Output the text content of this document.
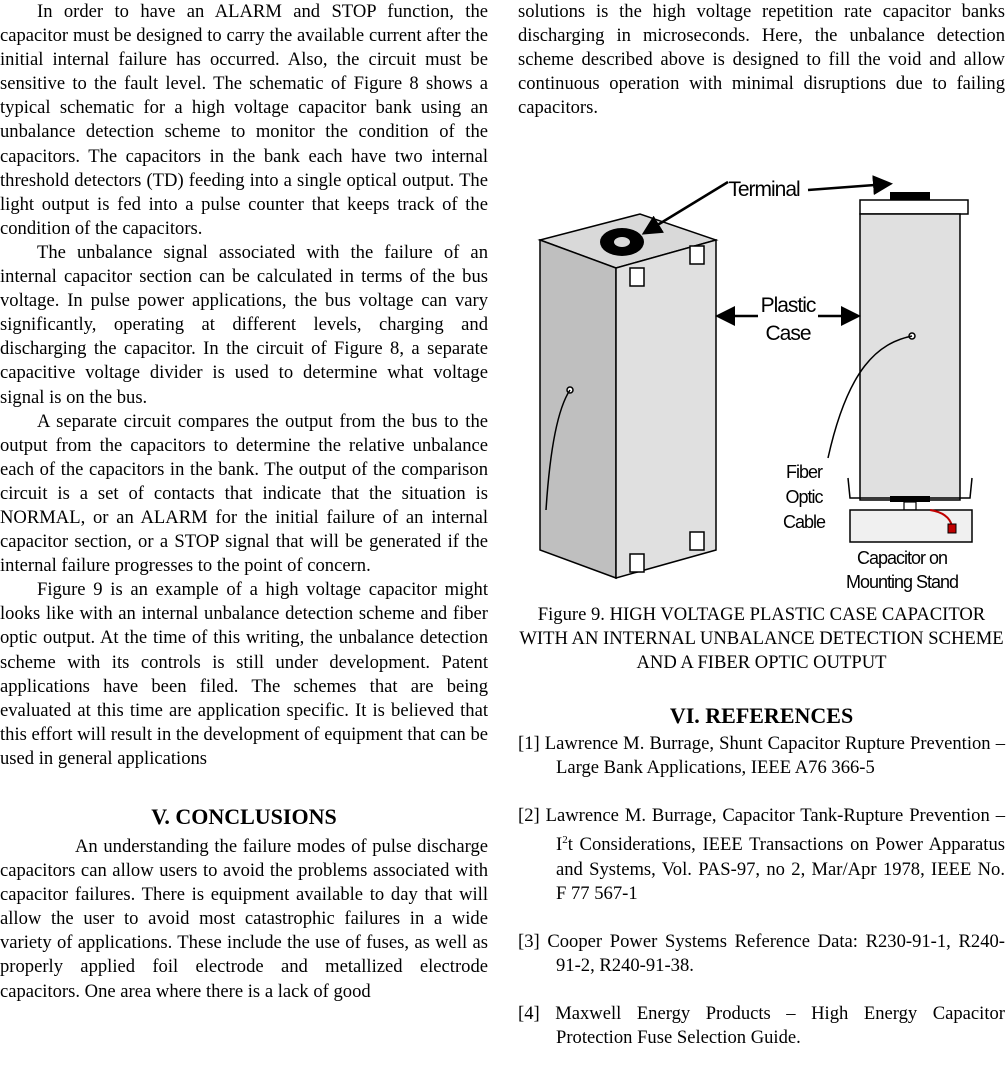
In order to have an ALARM and STOP function, the capacitor must be designed to carry the available current after the initial internal failure has occurred. Also, the circuit must be sensitive to the fault level. The schematic of Figure 8 shows a typical schematic for a high voltage capacitor bank using an unbalance detection scheme to monitor the condition of the capacitors. The capacitors in the bank each have two internal threshold detectors (TD) feeding into a single optical output. The light output is fed into a pulse counter that keeps track of the condition of the capacitors.

The unbalance signal associated with the failure of an internal capacitor section can be calculated in terms of the bus voltage. In pulse power applications, the bus voltage can vary significantly, operating at different levels, charging and discharging the capacitor. In the circuit of Figure 8, a separate capacitive voltage divider is used to determine what voltage signal is on the bus.

A separate circuit compares the output from the bus to the output from the capacitors to determine the relative unbalance each of the capacitors in the bank. The output of the comparison circuit is a set of contacts that indicate that the situation is NORMAL, or an ALARM for the initial failure of an internal capacitor section, or a STOP signal that will be generated if the internal failure progresses to the point of concern.

Figure 9 is an example of a high voltage capacitor might looks like with an internal unbalance detection scheme and fiber optic output. At the time of this writing, the unbalance detection scheme with its controls is still under development. Patent applications have been filed. The schemes that are being evaluated at this time are application specific. It is believed that this effort will result in the development of equipment that can be used in general applications

V. CONCLUSIONS

An understanding the failure modes of pulse discharge capacitors can allow users to avoid the problems associated with capacitor failures. There is equipment available to day that will allow the user to avoid most catastrophic failures in a wide variety of applications. These include the use of fuses, as well as properly applied foil electrode and metallized electrode capacitors. One area where there is a lack of good

solutions is the high voltage repetition rate capacitor banks discharging in microseconds. Here, the unbalance detection scheme described above is designed to fill the void and allow continuous operation with minimal disruptions due to failing capacitors.

Terminal
Plastic
Case
Fiber
Optic
Cable
Capacitor on
Mounting Stand

Figure 9. HIGH VOLTAGE PLASTIC CASE CAPACITOR WITH AN INTERNAL UNBALANCE DETECTION SCHEME AND A FIBER OPTIC OUTPUT

VI. REFERENCES

[1] Lawrence M. Burrage, Shunt Capacitor Rupture Prevention – Large Bank Applications, IEEE A76 366-5

[2] Lawrence M. Burrage, Capacitor Tank-Rupture Prevention – $I^2t$ Considerations, IEEE Transactions on Power Apparatus and Systems, Vol. PAS-97, no 2, Mar/Apr 1978, IEEE No. F 77 567-1

[3] Cooper Power Systems Reference Data: R230-91-1, R240-91-2, R240-91-38.

[4] Maxwell Energy Products – High Energy Capacitor Protection Fuse Selection Guide.
